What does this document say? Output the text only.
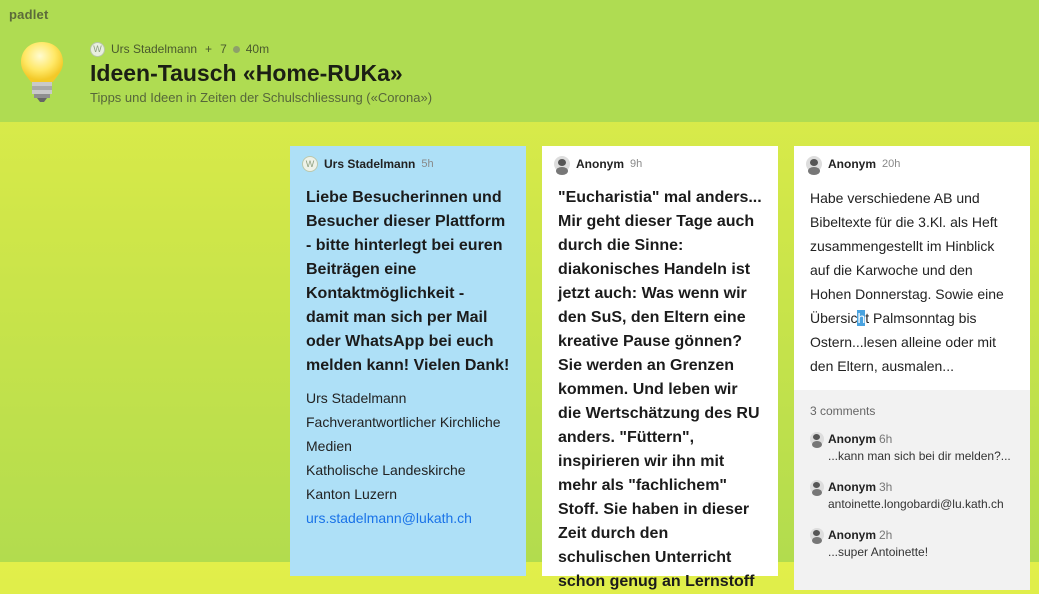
padlet
W Urs Stadelmann + 7 40m
Ideen-Tausch «Home-RUKa»
Tipps und Ideen in Zeiten der Schulschliessung («Corona»)
W Urs Stadelmann 5h
Liebe Besucherinnen und Besucher dieser Plattform - bitte hinterlegt bei euren Beiträgen eine Kontaktmöglichkeit - damit man sich per Mail oder WhatsApp bei euch melden kann! Vielen Dank!
Urs Stadelmann
Fachverantwortlicher Kirchliche
Medien
Katholische Landeskirche
Kanton Luzern
urs.stadelmann@lukath.ch
Anonym 9h
"Eucharistia" mal anders... Mir geht dieser Tage auch durch die Sinne: diakonisches Handeln ist jetzt auch: Was wenn wir den SuS, den Eltern eine kreative Pause gönnen? Sie werden an Grenzen kommen. Und leben wir die Wertschätzung des RU anders. "Füttern", inspirieren wir ihn mit mehr als "fachlichem" Stoff. Sie haben in dieser Zeit durch den schulischen Unterricht schon genug an Lernstoff
Anonym 20h
Habe verschiedene AB und Bibeltexte für die 3.Kl. als Heft zusammengestellt im Hinblick auf die Karwoche und den Hohen Donnerstag. Sowie eine Übersicht Palmsonntag bis Ostern...lesen alleine oder mit den Eltern, ausmalen...
3 comments
Anonym 6h
...kann man sich bei dir melden?...
Anonym 3h
antoinette.longobardi@lu.kath.ch
Anonym 2h
...super Antoinette!
